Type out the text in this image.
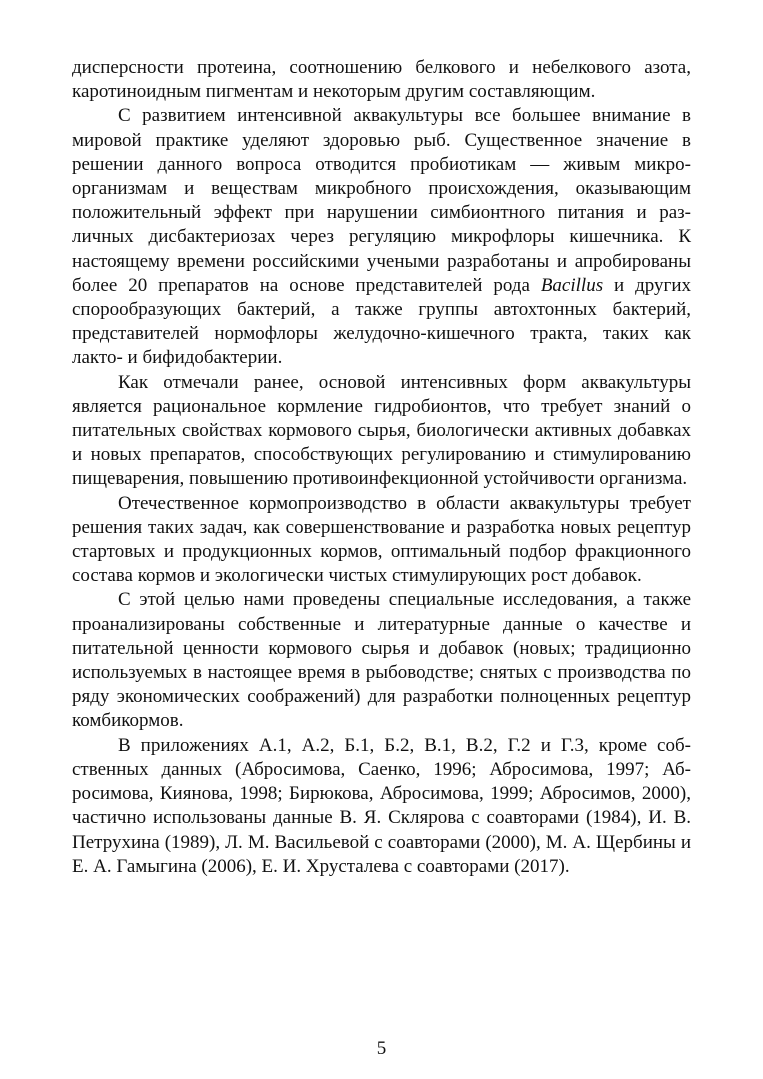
дисперсности протеина, соотношению белкового и небелкового азота, каротиноидным пигментам и некоторым другим составляющим.

С развитием интенсивной аквакультуры все большее внимание в мировой практике уделяют здоровью рыб. Существенное значение в решении данного вопроса отводится пробиотикам — живым микроорганизмам и веществам микробного происхождения, оказывающим положительный эффект при нарушении симбионтного питания и различных дисбактериозах через регуляцию микрофлоры кишечника. К настоящему времени российскими учеными разработаны и апробированы более 20 препаратов на основе представителей рода Bacillus и других спорообразующих бактерий, а также группы автохтонных бактерий, представителей нормофлоры желудочно-кишечного тракта, таких как лакто- и бифидобактерии.

Как отмечали ранее, основой интенсивных форм аквакультуры является рациональное кормление гидробионтов, что требует знаний о питательных свойствах кормового сырья, биологически активных добавках и новых препаратов, способствующих регулированию и стимулированию пищеварения, повышению противоинфекционной устойчивости организма.

Отечественное кормопроизводство в области аквакультуры требует решения таких задач, как совершенствование и разработка новых рецептур стартовых и продукционных кормов, оптимальный подбор фракционного состава кормов и экологически чистых стимулирующих рост добавок.

С этой целью нами проведены специальные исследования, а также проанализированы собственные и литературные данные о качестве и питательной ценности кормового сырья и добавок (новых; традиционно используемых в настоящее время в рыбоводстве; снятых с производства по ряду экономических соображений) для разработки полноценных рецептур комбикормов.

В приложениях А.1, А.2, Б.1, Б.2, В.1, В.2, Г.2 и Г.3, кроме собственных данных (Абросимова, Саенко, 1996; Абросимова, 1997; Абросимова, Киянова, 1998; Бирюкова, Абросимова, 1999; Абросимов, 2000), частично использованы данные В. Я. Склярова с соавторами (1984), И. В. Петрухина (1989), Л. М. Васильевой с соавторами (2000), М. А. Щербины и Е. А. Гамыгина (2006), Е. И. Хрусталева с соавторами (2017).

5
